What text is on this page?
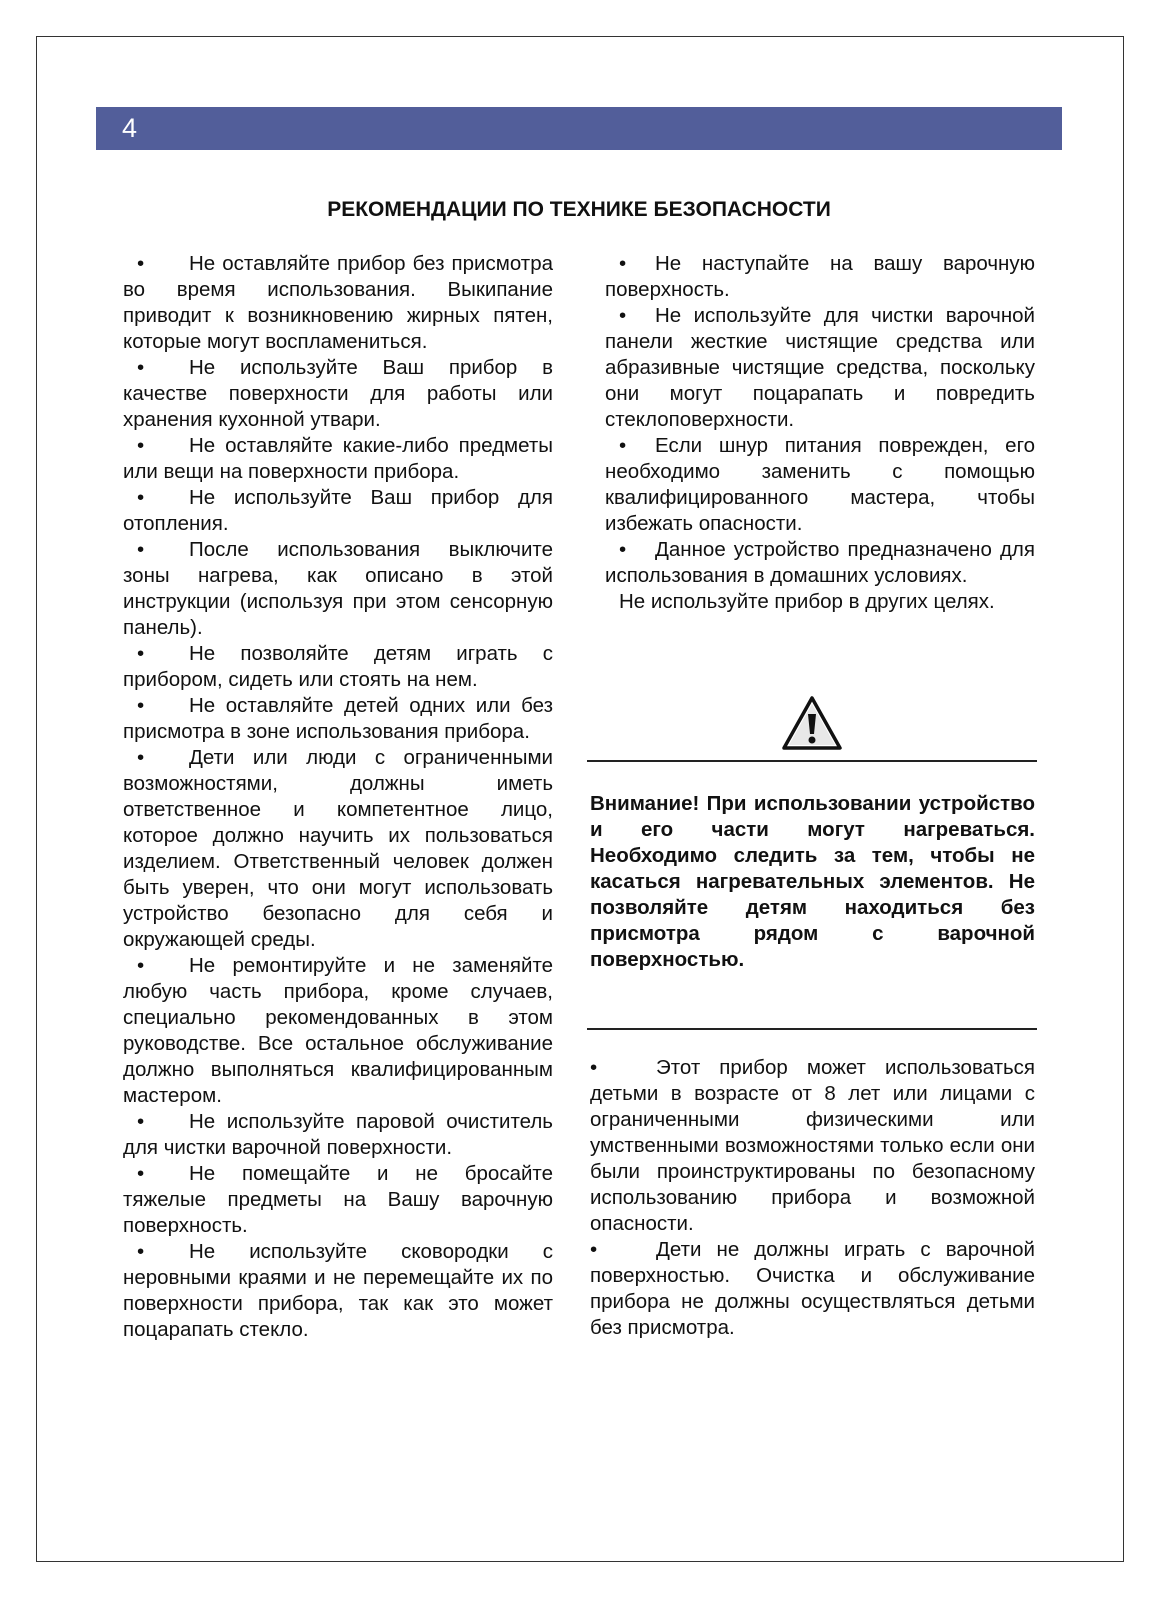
4
РЕКОМЕНДАЦИИ ПО ТЕХНИКЕ БЕЗОПАСНОСТИ

• Не оставляйте прибор без присмотра во время использования. Выкипание приводит к возникновению жирных пятен, которые могут воспламениться.

• Не используйте Ваш прибор в качестве поверхности для работы или хранения кухонной утвари.

• Не оставляйте какие-либо предметы или вещи на поверхности прибора.

• Не используйте Ваш прибор для отопления.

• После использования выключите зоны нагрева, как описано в этой инструкции (используя при этом сенсорную панель).

• Не позволяйте детям играть с прибором, сидеть или стоять на нем.

• Не оставляйте детей одних или без присмотра в зоне использования прибора.

• Дети или люди с ограниченными возможностями, должны иметь ответственное и компетентное лицо, которое должно научить их пользоваться изделием. Ответственный человек должен быть уверен, что они могут использовать устройство безопасно для себя и окружающей среды.

• Не ремонтируйте и не заменяйте любую часть прибора, кроме случаев, специально рекомендованных в этом руководстве. Все остальное обслуживание должно выполняться квалифицированным мастером.

• Не используйте паровой очиститель для чистки варочной поверхности.

• Не помещайте и не бросайте тяжелые предметы на Вашу варочную поверхность.

• Не используйте сковородки с неровными краями и не перемещайте их по поверхности прибора, так как это может поцарапать стекло.

• Не наступайте на вашу варочную поверхность.

• Не используйте для чистки варочной панели жесткие чистящие средства или абразивные чистящие средства, поскольку они могут поцарапать и повредить стеклоповерхности.

• Если шнур питания поврежден, его необходимо заменить с помощью квалифицированного мастера, чтобы избежать опасности.

• Данное устройство предназначено для использования в домашних условиях.

Не используйте прибор в других целях.

Внимание! При использовании устройство и его части могут нагреваться. Необходимо следить за тем, чтобы не касаться нагревательных элементов. Не позволяйте детям находиться без присмотра рядом с варочной поверхностью.

•	Этот прибор может использоваться детьми в возрасте от 8 лет или лицами с ограниченными физическими или умственными возможностями только если они были проинструктированы по безопасному использованию прибора и возможной опасности.

•	Дети не должны играть с варочной поверхностью. Очистка и обслуживание прибора не должны осуществляться детьми без присмотра.
